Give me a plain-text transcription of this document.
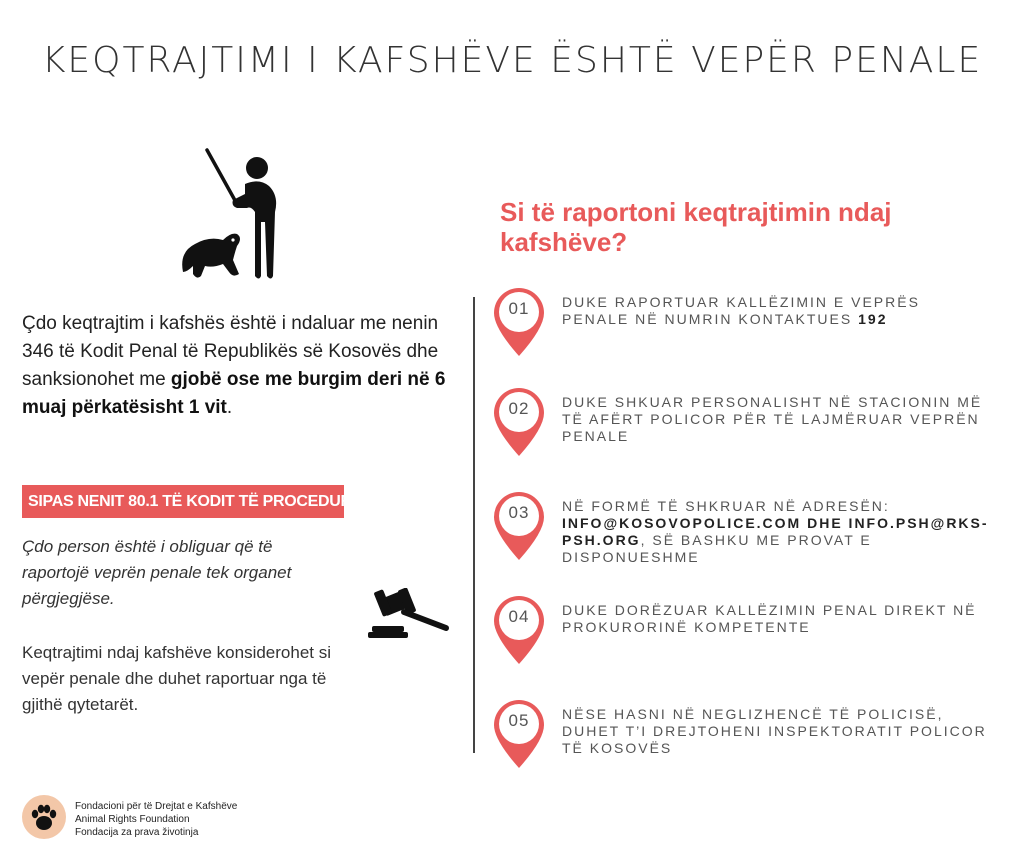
KEQTRAJTIMI I KAFSHËVE ËSHTË VEPËR PENALE
Çdo keqtrajtim i kafshës është i ndaluar me nenin 346 të Kodit Penal të Republikës së Kosovës dhe sanksionohet me gjobë ose me burgim deri në 6 muaj përkatësisht 1 vit.
SIPAS NENIT 80.1 TË KODIT TË PROCEDURËS PENALE
Çdo person është i obliguar që të raportojë veprën penale tek organet përgjegjëse.
Keqtrajtimi ndaj kafshëve konsiderohet si vepër penale dhe duhet raportuar nga të gjithë qytetarët.
Si të raportoni keqtrajtimin ndaj kafshëve?
01	DUKE RAPORTUAR KALLËZIMIN E VEPRËS PENALE NË NUMRIN KONTAKTUES 192
02	DUKE SHKUAR PERSONALISHT NË STACIONIN MË TË AFËRT POLICOR PËR TË LAJMËRUAR VEPRËN PENALE
03	NË FORMË TË SHKRUAR NË ADRESËN: INFO@KOSOVOPOLICE.COM DHE INFO.PSH@RKS-PSH.ORG, SË BASHKU ME PROVAT E DISPONUESHME
04	DUKE DORËZUAR KALLËZIMIN PENAL DIREKT NË PROKURORINË KOMPETENTE
05	NËSE HASNI NË NEGLIZHENCË TË POLICISË, DUHET T’I DREJTOHENI INSPEKTORATIT POLICOR TË KOSOVËS
Fondacioni për të Drejtat e Kafshëve
Animal Rights Foundation
Fondacija za prava životinja
